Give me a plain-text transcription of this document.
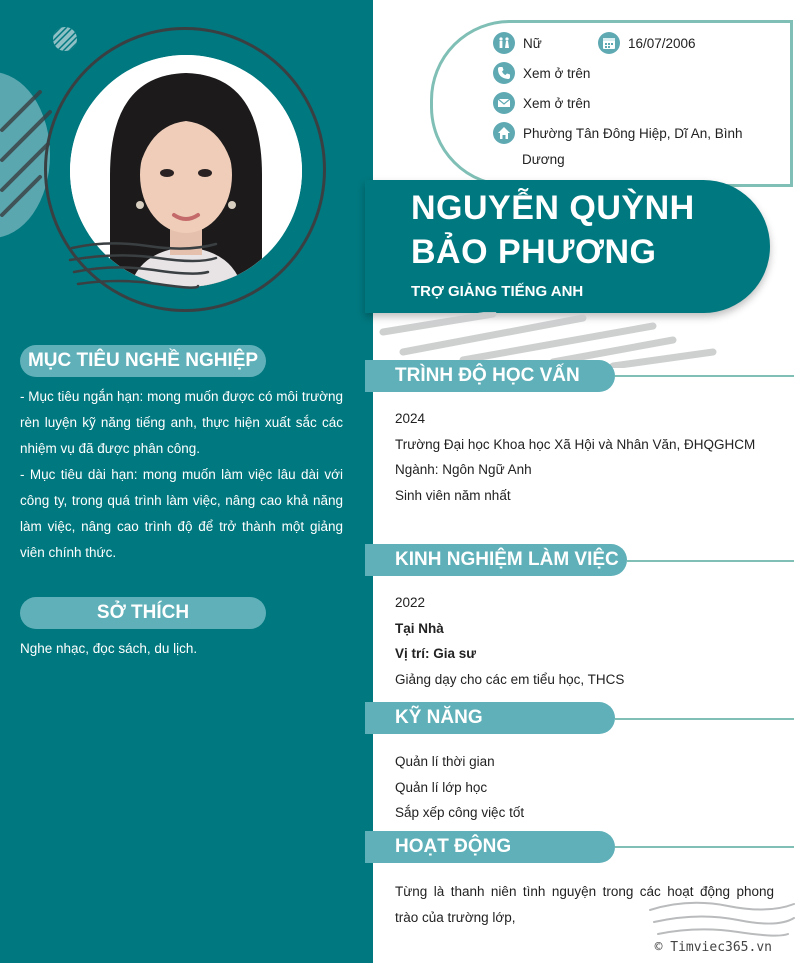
MỤC TIÊU NGHỀ NGHIỆP

- Mục tiêu ngắn hạn: mong muốn được có môi trường rèn luyện kỹ năng tiếng anh, thực hiện xuất sắc các nhiệm vụ đã được phân công.

- Mục tiêu dài hạn: mong muốn làm việc lâu dài với công ty, trong quá trình làm việc, nâng cao khả năng làm việc, nâng cao trình độ để trở thành một giảng viên chính thức.

SỞ THÍCH
Nghe nhạc, đọc sách, du lịch.
Nữ	16/07/2006
Xem ở trên
Xem ở trên
Phường Tân Đông Hiệp, Dĩ An, Bình
Dương
NGUYỄN QUỲNH
BẢO PHƯƠNG
TRỢ GIẢNG TIẾNG ANH
TRÌNH ĐỘ HỌC VẤN

2024

Trường Đại học Khoa học Xã Hội và Nhân Văn, ĐHQGHCM

Ngành: Ngôn Ngữ Anh

Sinh viên năm nhất

KINH NGHIỆM LÀM VIỆC

2022

Tại Nhà

Vị trí: Gia sư

Giảng dạy cho các em tiểu học, THCS

KỸ NĂNG

Quản lí thời gian

Quản lí lớp học

Sắp xếp công việc tốt

HOẠT ĐỘNG
Từng là thanh niên tình nguyện trong các hoạt động phong trào của trường lớp,
© Timviec365.vn
